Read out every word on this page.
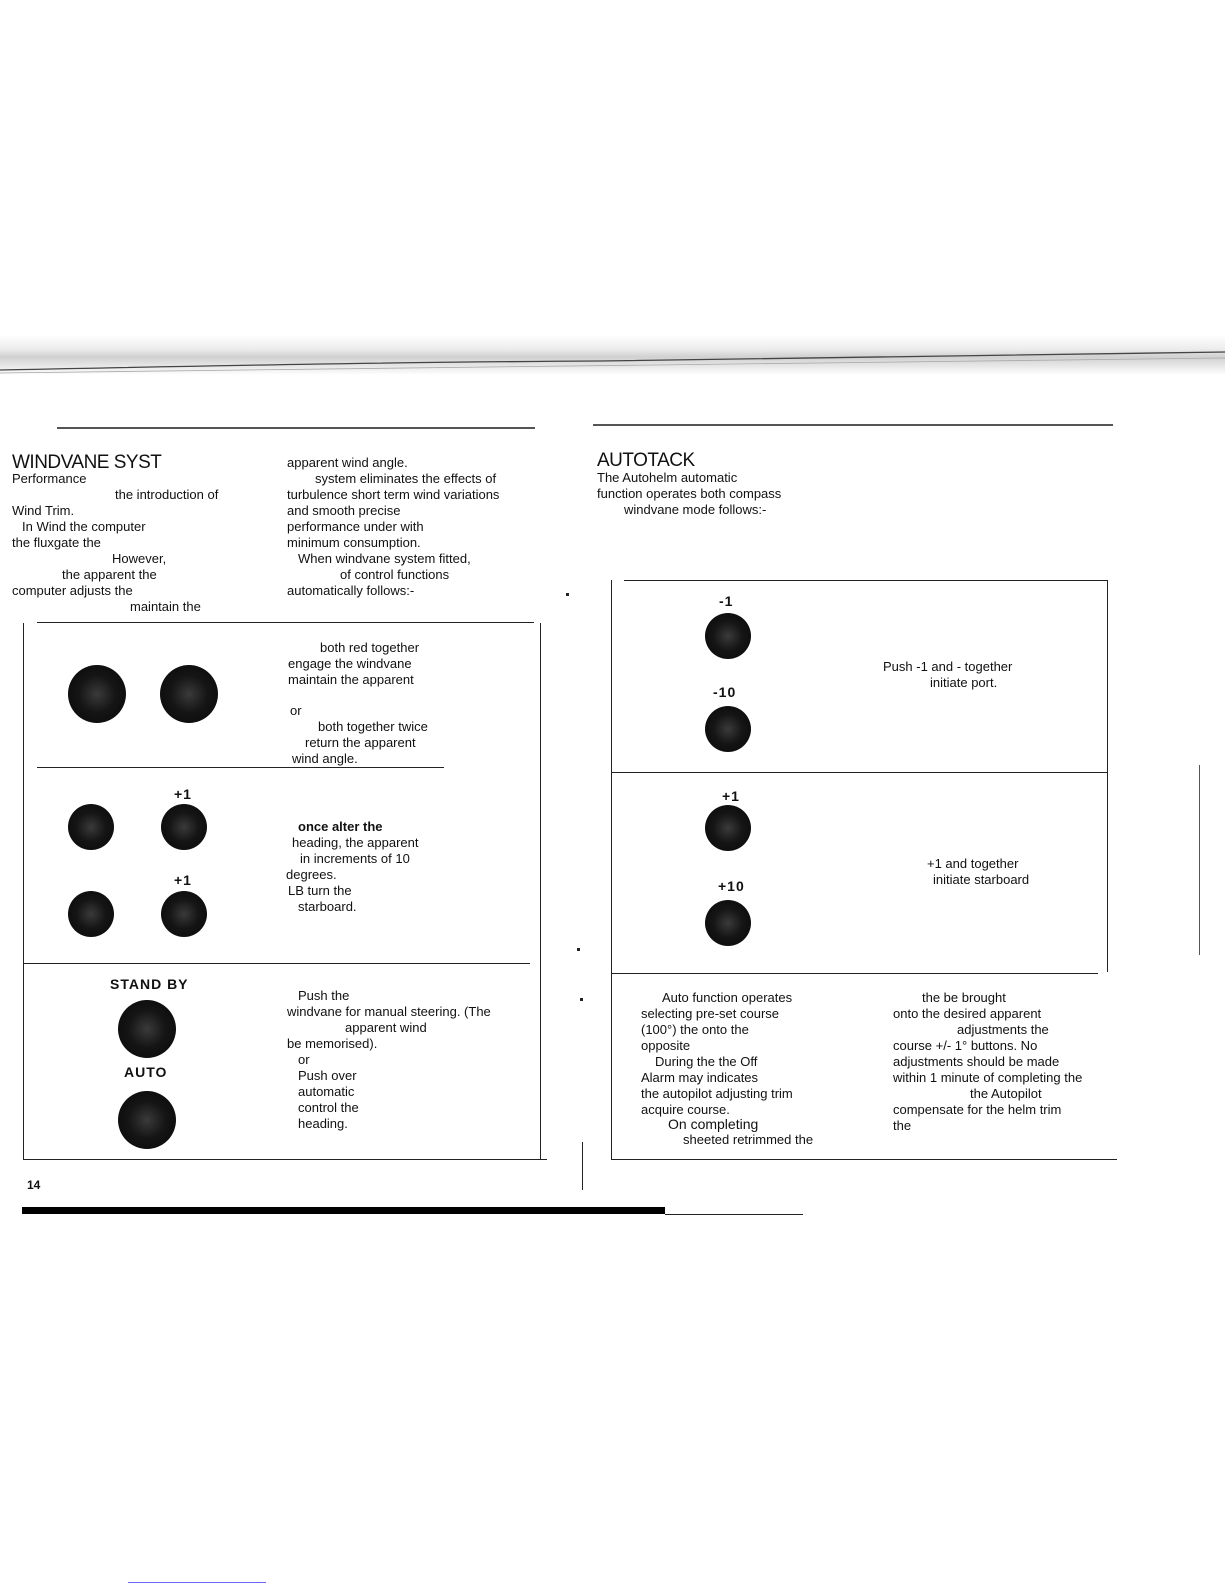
WINDVANE SYST
Performance
the introduction of
Wind Trim.
In Wind the computer
the fluxgate the
However,
the apparent the
computer adjusts the
maintain the
apparent wind angle.
system eliminates the effects of
turbulence short term wind variations
and smooth precise
performance under with
minimum consumption.
When windvane system fitted,
of control functions
automatically follows:-
both red together
engage the windvane
maintain the apparent
or
both together twice
return the apparent
wind angle.
+1
+1
once alter the
heading, the apparent
in increments of 10
degrees.
LB turn the
starboard.
STAND BY
AUTO
Push the
windvane for manual steering. (The
apparent wind
be memorised).
or
Push over
automatic
control the
heading.
14
AUTOTACK
The Autohelm automatic
function operates both compass
windvane mode follows:-
-1
-10
Push -1 and - together
initiate port.
+1
+10
+1 and together
initiate starboard
Auto function operates
selecting pre-set course
(100°) the onto the
opposite
During the the Off
Alarm may indicates
the autopilot adjusting trim
acquire course.
On completing
sheeted retrimmed the
the be brought
onto the desired apparent
adjustments the
course +/- 1° buttons. No
adjustments should be made
within 1 minute of completing the
the Autopilot
compensate for the helm trim
the
